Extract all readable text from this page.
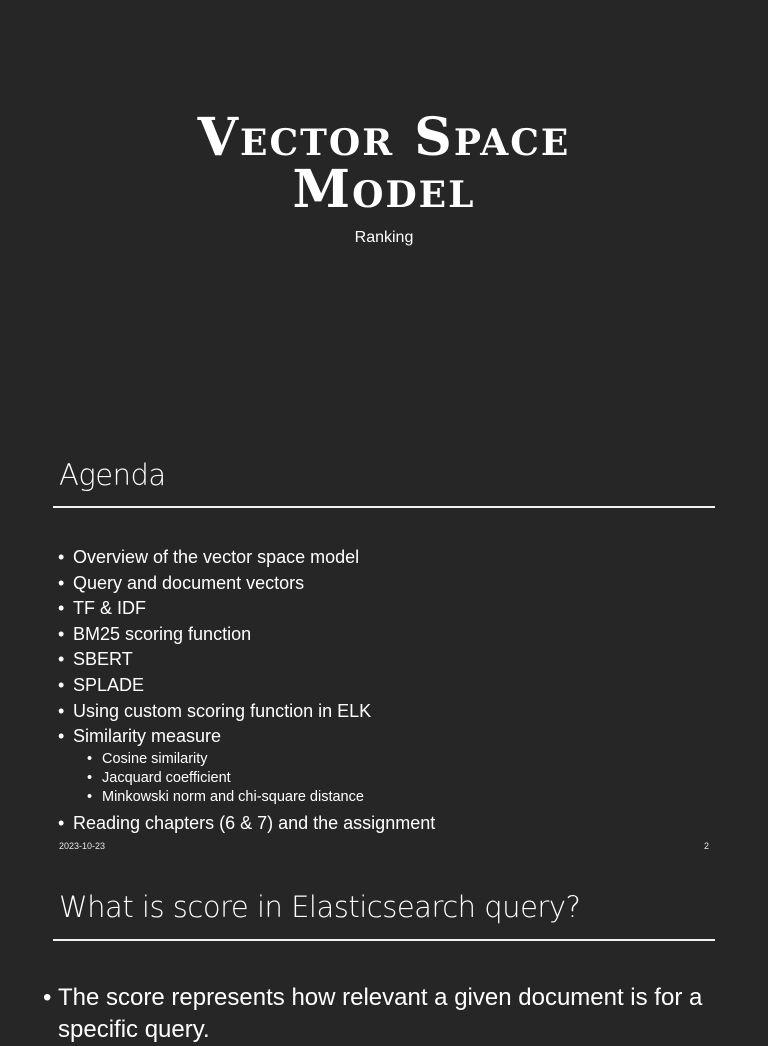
Vector Space
Model
Ranking
Agenda
• Overview of the vector space model
• Query and document vectors
• TF & IDF
• BM25 scoring function
• SBERT
• SPLADE
• Using custom scoring function in ELK
• Similarity measure
• Cosine similarity
• Jacquard coefficient
• Minkowski norm and chi-square distance
• Reading chapters (6 & 7) and the assignment
2023-10-23	2
What is score in Elasticsearch query?
• The score represents how relevant a given document is for a specific query.
